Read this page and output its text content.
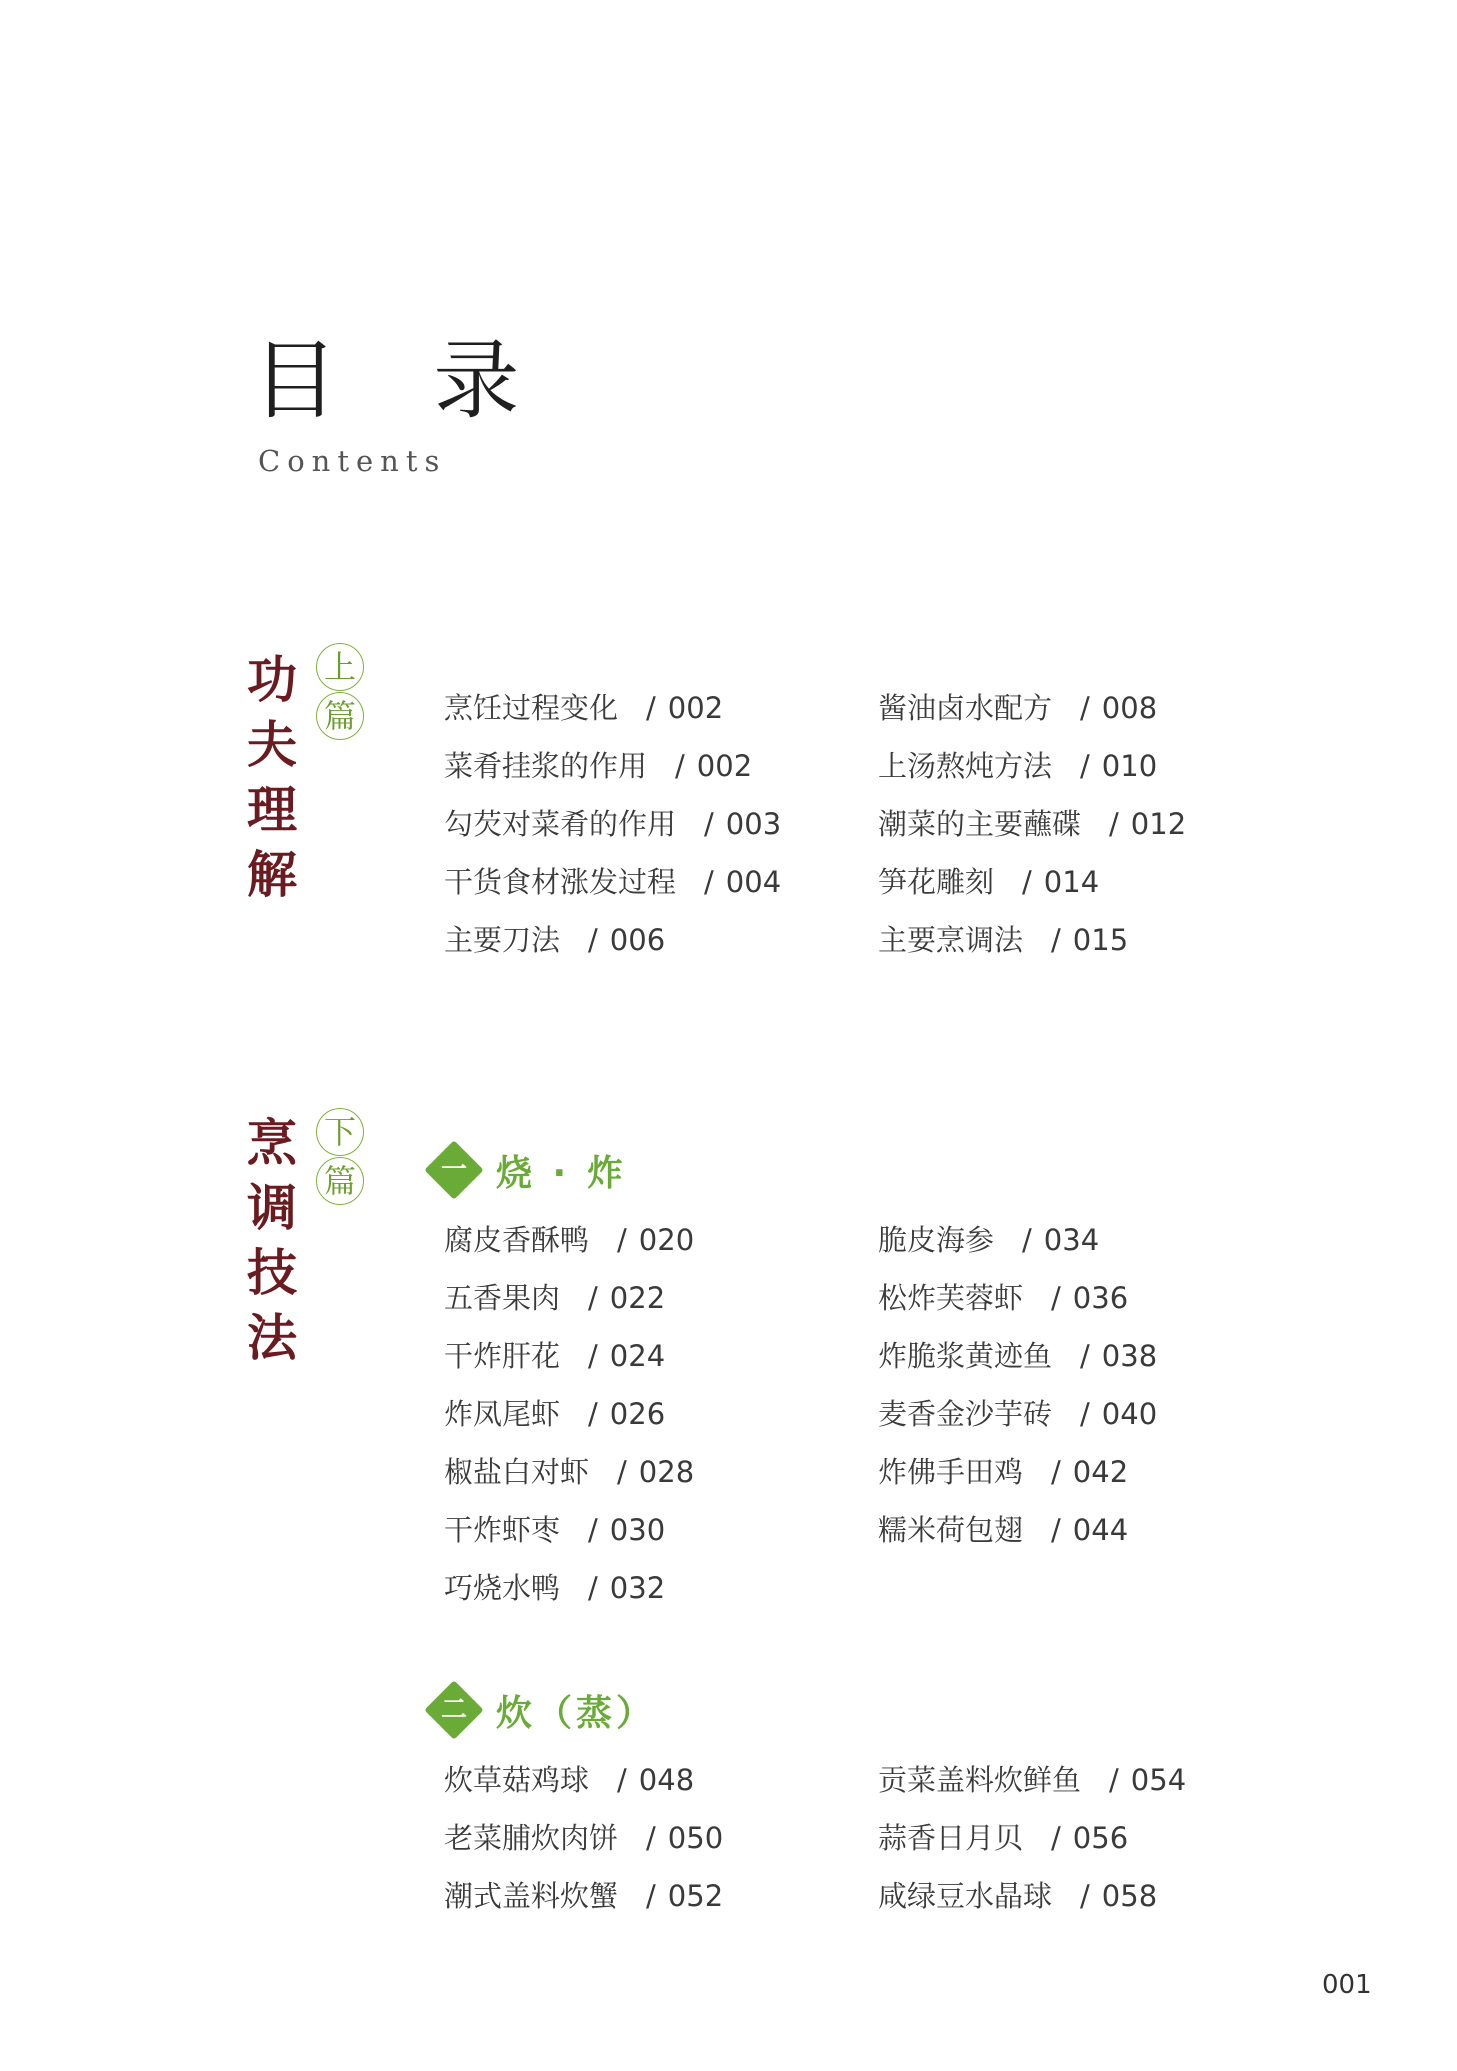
目 录
Contents
功
夫
理
解
上
篇	烹饪过程变化 / 002
菜肴挂浆的作用 / 002
勾芡对菜肴的作用 / 003
干货食材涨发过程 / 004
主要刀法 / 006
酱油卤水配方 / 008
上汤熬炖方法 / 010
潮菜的主要蘸碟 / 012
笋花雕刻 / 014
主要烹调法 / 015
烹
调
技
法
下
篇	一 烧 · 炸
腐皮香酥鸭 / 020
五香果肉 / 022
干炸肝花 / 024
炸凤尾虾 / 026
椒盐白对虾 / 028
干炸虾枣 / 030
巧烧水鸭 / 032
脆皮海参 / 034
松炸芙蓉虾 / 036
炸脆浆黄迹鱼 / 038
麦香金沙芋砖 / 040
炸佛手田鸡 / 042
糯米荷包翅 / 044
二 炊（蒸）
炊草菇鸡球 / 048
老菜脯炊肉饼 / 050
潮式盖料炊蟹 / 052
贡菜盖料炊鲜鱼 / 054
蒜香日月贝 / 056
咸绿豆水晶球 / 058
001
